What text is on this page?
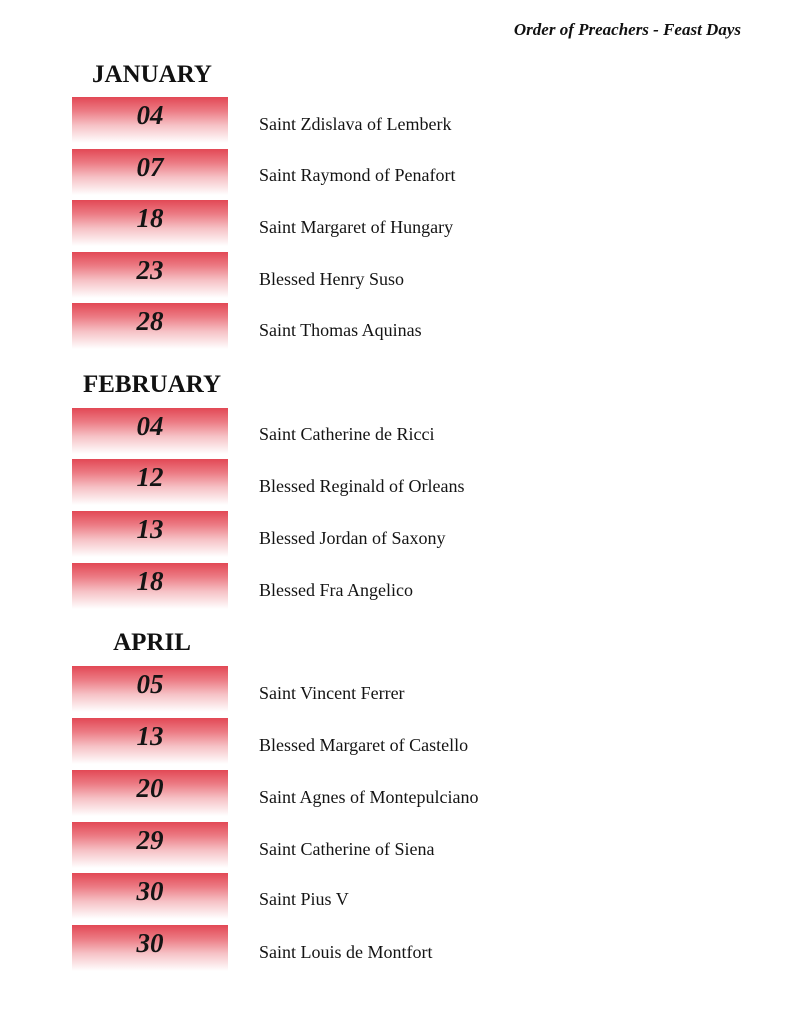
Order of Preachers - Feast Days
JANUARY
04	Saint Zdislava of Lemberk
07	Saint Raymond of Penafort
18	Saint Margaret of Hungary
23	Blessed Henry Suso
28	Saint Thomas Aquinas
FEBRUARY
04	Saint Catherine de Ricci
12	Blessed Reginald of Orleans
13	Blessed Jordan of Saxony
18	Blessed Fra Angelico
APRIL
05	Saint Vincent Ferrer
13	Blessed Margaret of Castello
20	Saint Agnes of Montepulciano
29	Saint Catherine of Siena
30	Saint Pius V
30	Saint Louis de Montfort
